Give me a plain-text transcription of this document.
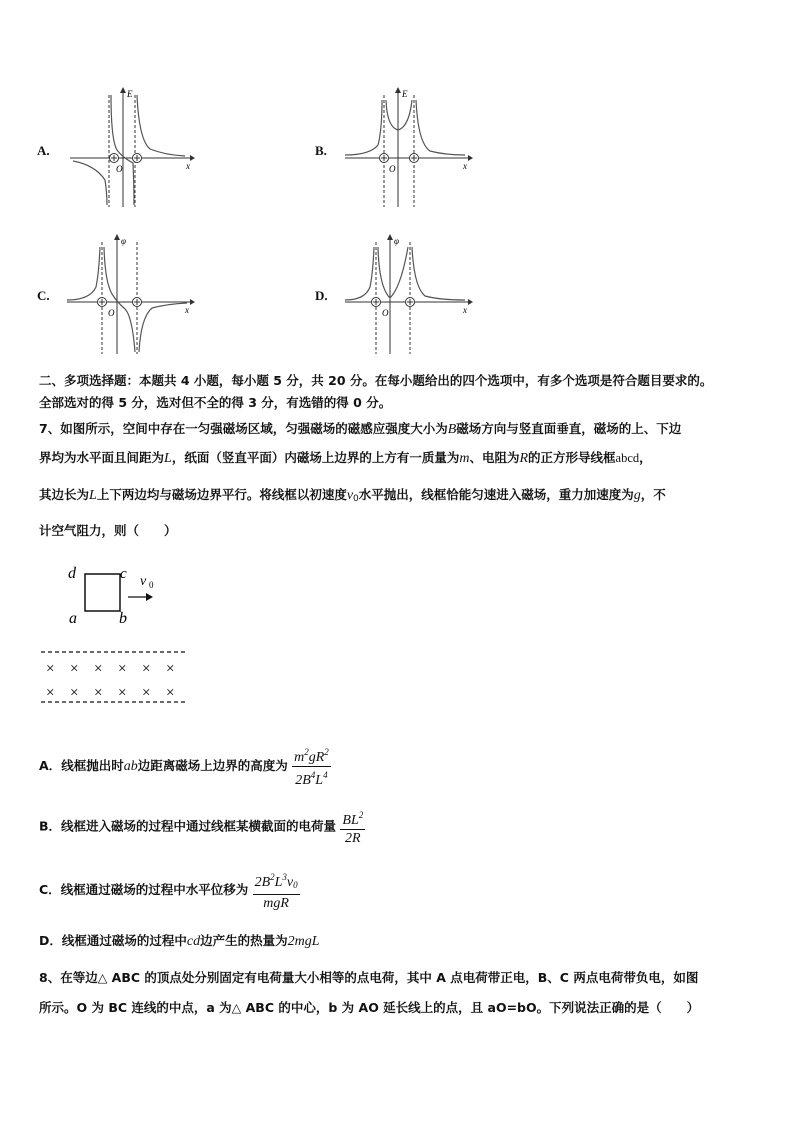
A.
E
x
O
B.
E
x
O
C.
φ
x
O
D.
φ
x
O
二、多项选择题：本题共 4 小题，每小题 5 分，共 20 分。在每小题给出的四个选项中，有多个选项是符合题目要求的。
全部选对的得 5 分，选对但不全的得 3 分，有选错的得 0 分。
7、如图所示，空间中存在一匀强磁场区域，匀强磁场的磁感应强度大小为B磁场方向与竖直面垂直，磁场的上、下边
界均为水平面且间距为L，纸面（竖直平面）内磁场上边界的上方有一质量为m、电阻为R的正方形导线框abcd，
其边长为L上下两边均与磁场边界平行。将线框以初速度$v_0$水平抛出，线框恰能匀速进入磁场，重力加速度为g，不
计空气阻力，则（　　）
d	c
a	b
v 0
× × × × × ×
× × × × × ×
A．线框抛出时ab边距离磁场上边界的高度为 $\frac{m^2gR^2}{2B^4L^4}$
B．线框进入磁场的过程中通过线框某横截面的电荷量 $\frac{BL^2}{2R}$
C．线框通过磁场的过程中水平位移为 $\frac{2B^2L^3v_0}{\text{mgR}}$
D．线框通过磁场的过程中cd边产生的热量为2mgL
8、在等边△ ABC 的顶点处分别固定有电荷量大小相等的点电荷，其中 A 点电荷带正电，B、C 两点电荷带负电，如图
所示。O 为 BC 连线的中点，a 为△ ABC 的中心，b 为 AO 延长线上的点，且 aO=bO。下列说法正确的是（　　）
